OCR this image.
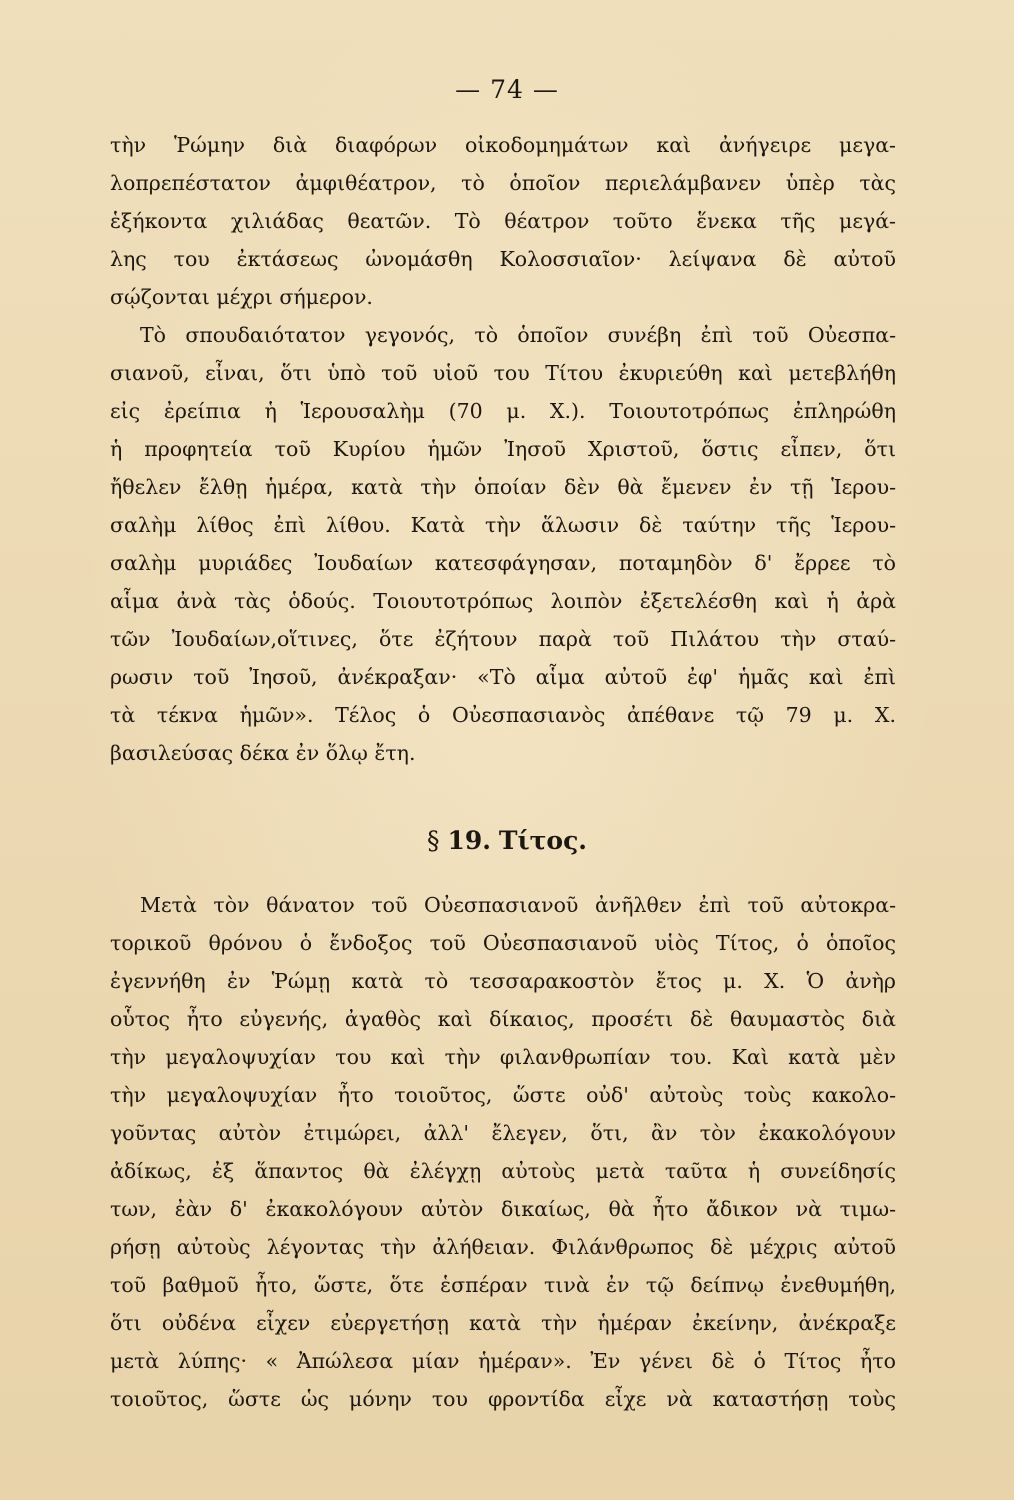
— 74 —

τὴν Ῥώμην διὰ διαφόρων οἰκοδομημάτων καὶ ἀνήγειρε μεγα-
λοπρεπέστατον ἀμφιθέατρον, τὸ ὁποῖον περιελάμβανεν ὑπὲρ τὰς
ἑξήκοντα χιλιάδας θεατῶν. Τὸ θέατρον τοῦτο ἕνεκα τῆς μεγά-
λης του ἐκτάσεως ὠνομάσθη Κολοσσιαῖον· λείψανα δὲ αὐτοῦ
σῴζονται μέχρι σήμερον.

Τὸ σπουδαιότατον γεγονός, τὸ ὁποῖον συνέβη ἐπὶ τοῦ Οὐεσπα-
σιανοῦ, εἶναι, ὅτι ὑπὸ τοῦ υἱοῦ του Τίτου ἐκυριεύθη καὶ μετεβλήθη
εἰς ἐρείπια ἡ Ἱερουσαλὴμ (70 μ. Χ.). Τοιουτοτρόπως ἐπληρώθη
ἡ προφητεία τοῦ Κυρίου ἡμῶν Ἰησοῦ Χριστοῦ, ὅστις εἶπεν, ὅτι
ἤθελεν ἔλθῃ ἡμέρα, κατὰ τὴν ὁποίαν δὲν θὰ ἔμενεν ἐν τῇ Ἱερου-
σαλὴμ λίθος ἐπὶ λίθου. Κατὰ τὴν ἅλωσιν δὲ ταύτην τῆς Ἱερου-
σαλὴμ μυριάδες Ἰουδαίων κατεσφάγησαν, ποταμηδὸν δ' ἔρρεε τὸ
αἷμα ἀνὰ τὰς ὁδούς. Τοιουτοτρόπως λοιπὸν ἐξετελέσθη καὶ ἡ ἀρὰ
τῶν Ἰουδαίων,οἵτινες, ὅτε ἐζήτουν παρὰ τοῦ Πιλάτου τὴν σταύ-
ρωσιν τοῦ Ἰησοῦ, ἀνέκραξαν· «Τὸ αἷμα αὐτοῦ ἐφ' ἡμᾶς καὶ ἐπὶ
τὰ τέκνα ἡμῶν». Τέλος ὁ Οὐεσπασιανὸς ἀπέθανε τῷ 79 μ. Χ.
βασιλεύσας δέκα ἐν ὅλῳ ἔτη.

§ 19. Τίτος.

Μετὰ τὸν θάνατον τοῦ Οὐεσπασιανοῦ ἀνῆλθεν ἐπὶ τοῦ αὐτοκρα-
τορικοῦ θρόνου ὁ ἔνδοξος τοῦ Οὐεσπασιανοῦ υἱὸς Τίτος, ὁ ὁποῖος
ἐγεννήθη ἐν Ῥώμῃ κατὰ τὸ τεσσαρακοστὸν ἔτος μ. Χ. Ὁ ἀνὴρ
οὗτος ἦτο εὐγενής, ἀγαθὸς καὶ δίκαιος, προσέτι δὲ θαυμαστὸς διὰ
τὴν μεγαλοψυχίαν του καὶ τὴν φιλανθρωπίαν του. Καὶ κατὰ μὲν
τὴν μεγαλοψυχίαν ἦτο τοιοῦτος, ὥστε οὐδ' αὐτοὺς τοὺς κακολο-
γοῦντας αὐτὸν ἐτιμώρει, ἀλλ' ἔλεγεν, ὅτι, ἂν τὸν ἐκακολόγουν
ἀδίκως, ἐξ ἅπαντος θὰ ἐλέγχῃ αὐτοὺς μετὰ ταῦτα ἡ συνείδησίς
των, ἐὰν δ' ἐκακολόγουν αὐτὸν δικαίως, θὰ ἦτο ἄδικον νὰ τιμω-
ρήσῃ αὐτοὺς λέγοντας τὴν ἀλήθειαν. Φιλάνθρωπος δὲ μέχρις αὐτοῦ
τοῦ βαθμοῦ ἦτο, ὥστε, ὅτε ἑσπέραν τινὰ ἐν τῷ δείπνῳ ἐνεθυμήθη,
ὅτι οὐδένα εἶχεν εὐεργετήσῃ κατὰ τὴν ἡμέραν ἐκείνην, ἀνέκραξε
μετὰ λύπης· « Ἀπώλεσα μίαν ἡμέραν». Ἐν γένει δὲ ὁ Τίτος ἦτο
τοιοῦτος, ὥστε ὡς μόνην του φροντίδα εἶχε νὰ καταστήσῃ τοὺς
